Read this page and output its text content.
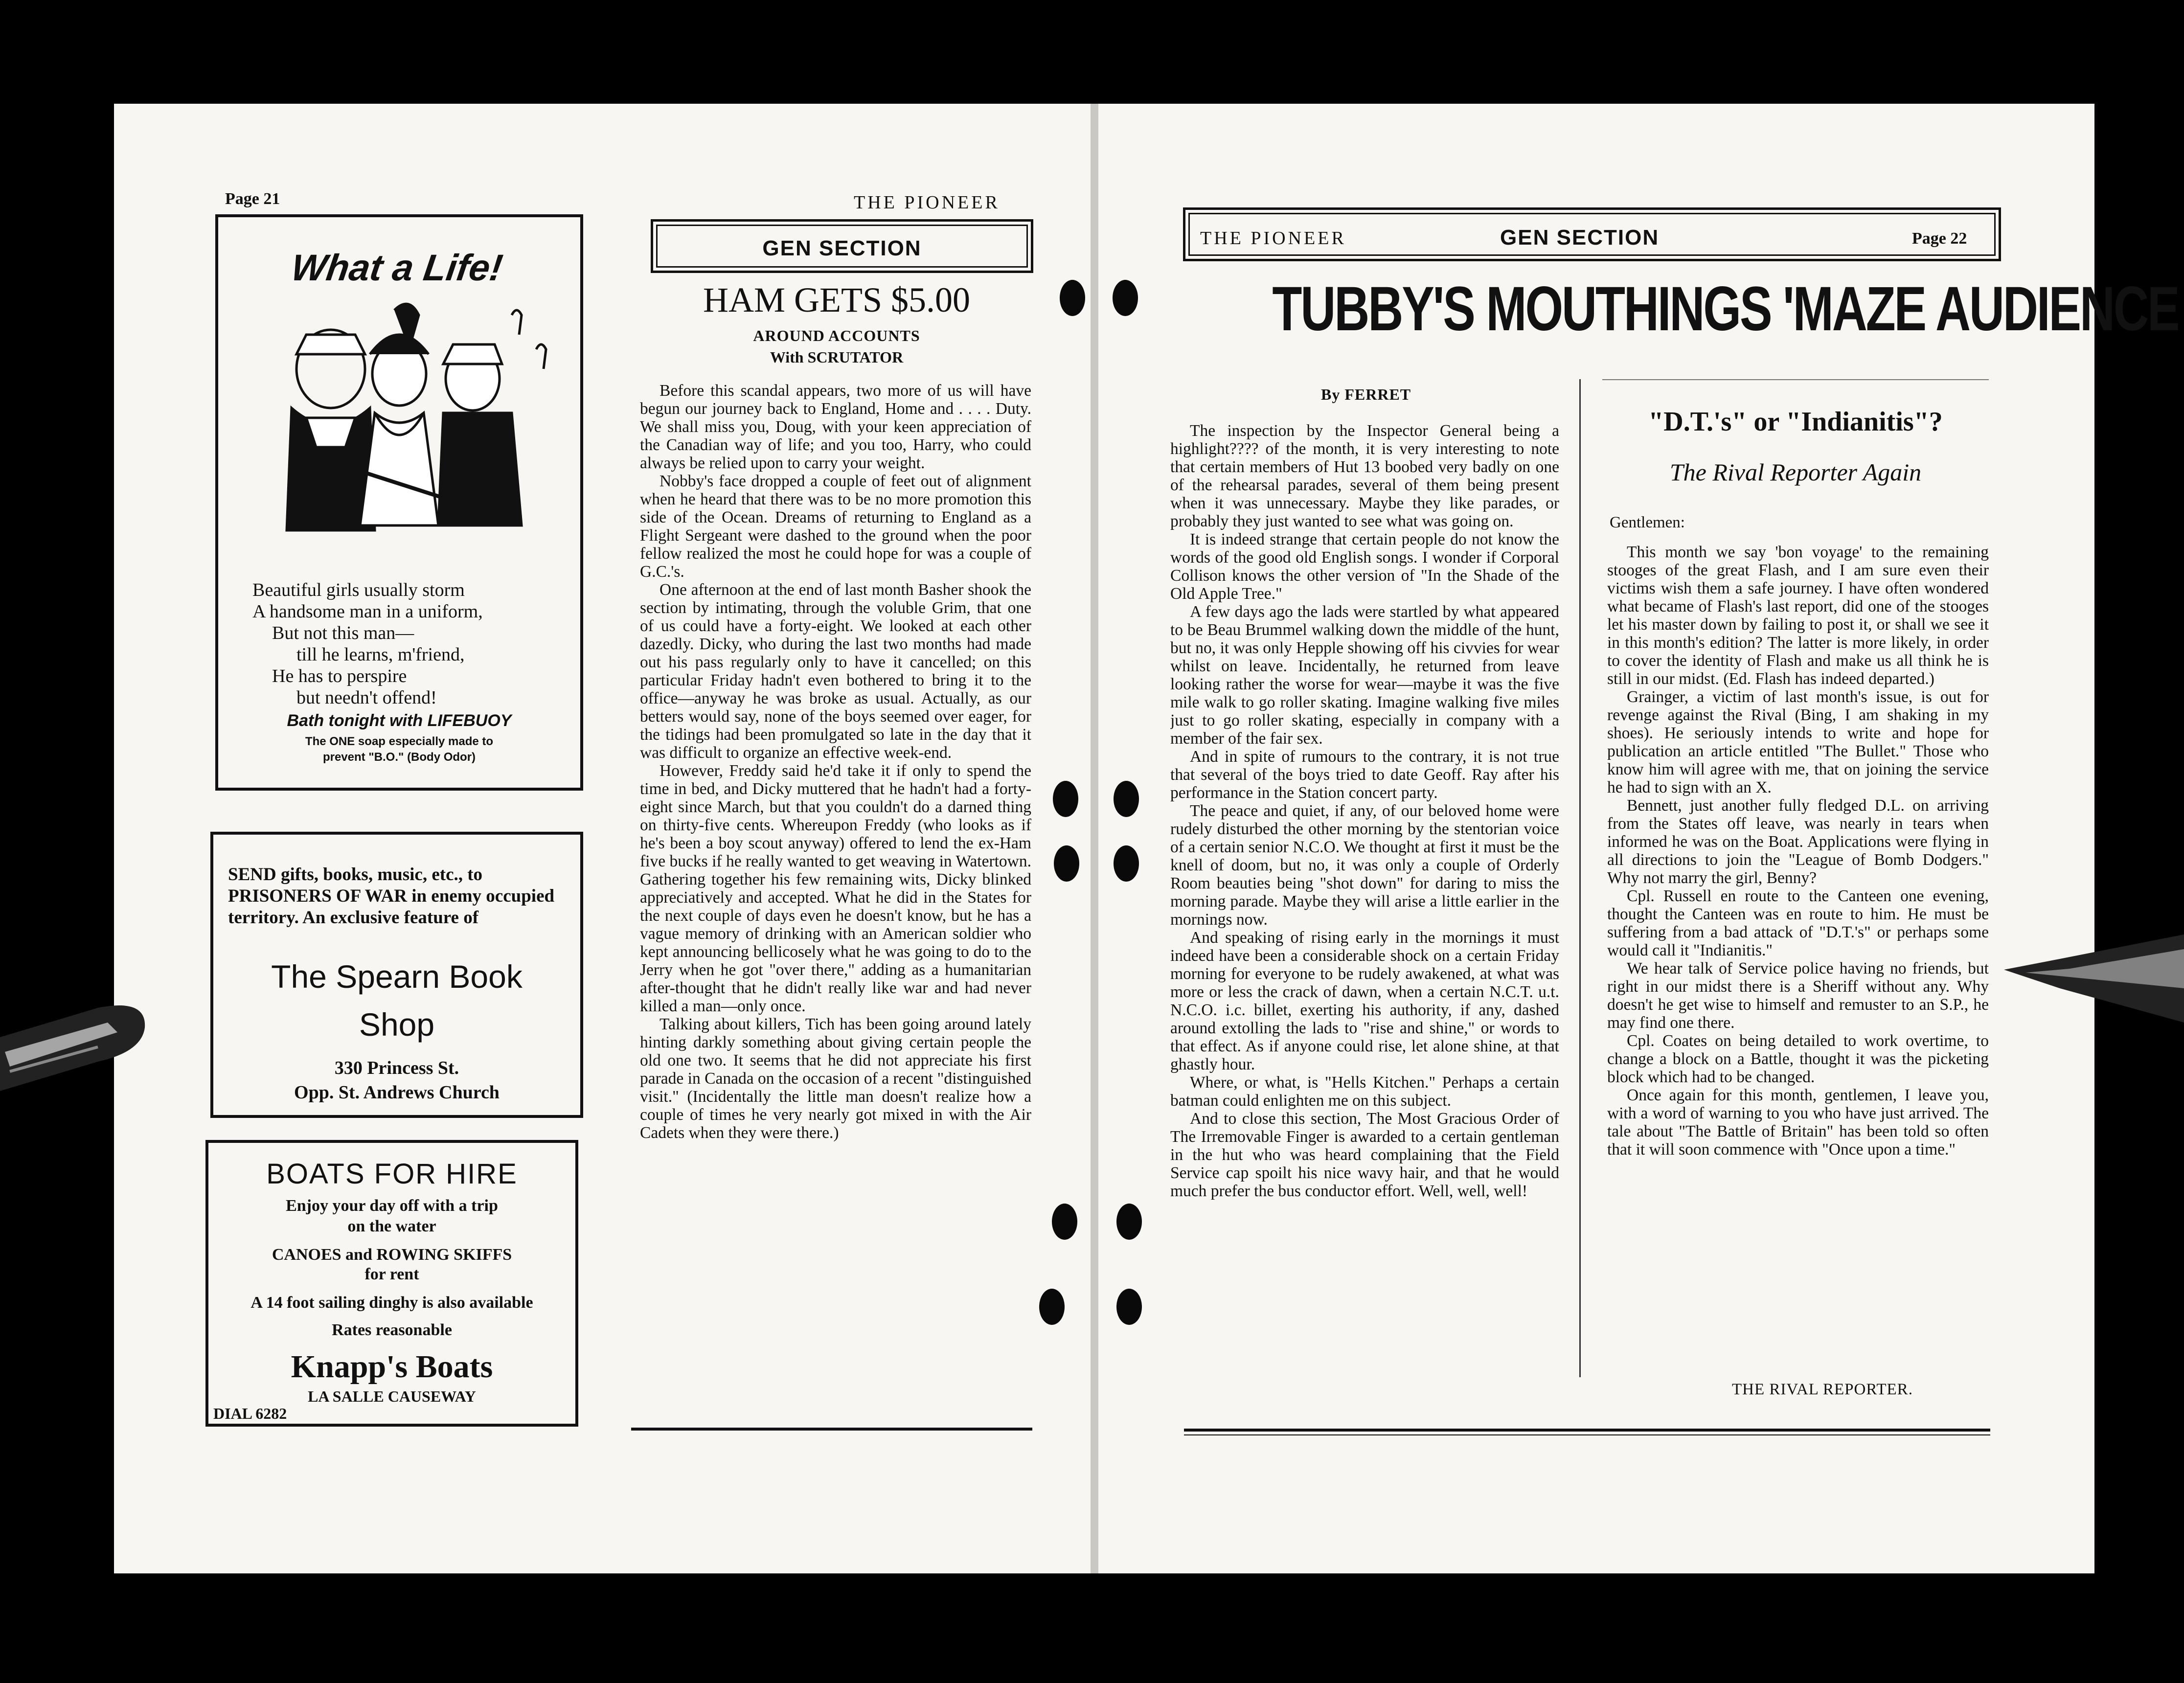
Page 21	THE PIONEER
What a Life!
Beautiful girls usually storm
A handsome man in a uniform,
But not this man—
till he learns, m'friend,
He has to perspire
but needn't offend!
Bath tonight with LIFEBUOY
The ONE soap especially made to
prevent "B.O." (Body Odor)
SEND gifts, books, music, etc., to PRISONERS OF WAR in enemy occupied territory. An exclusive feature of
The Spearn Book
Shop
330 Princess St.
Opp. St. Andrews Church
BOATS FOR HIRE
Enjoy your day off with a trip
on the water
CANOES and ROWING SKIFFS
for rent
A 14 foot sailing dinghy is also available
Rates reasonable
Knapp's Boats
LA SALLE CAUSEWAY
DIAL 6282
GEN SECTION
HAM GETS $5.00
AROUND ACCOUNTS
With SCRUTATOR

Before this scandal appears, two more of us will have begun our journey back to England, Home and . . . . Duty. We shall miss you, Doug, with your keen appreciation of the Canadian way of life; and you too, Harry, who could always be relied upon to carry your weight.

Nobby's face dropped a couple of feet out of alignment when he heard that there was to be no more promotion this side of the Ocean. Dreams of returning to England as a Flight Sergeant were dashed to the ground when the poor fellow realized the most he could hope for was a couple of G.C.'s.

One afternoon at the end of last month Basher shook the section by intimating, through the voluble Grim, that one of us could have a forty-eight. We looked at each other dazedly. Dicky, who during the last two months had made out his pass regularly only to have it cancelled; on this particular Friday hadn't even bothered to bring it to the office—anyway he was broke as usual. Actually, as our betters would say, none of the boys seemed over eager, for the tidings had been promulgated so late in the day that it was difficult to organize an effective week-end.

However, Freddy said he'd take it if only to spend the time in bed, and Dicky muttered that he hadn't had a forty-eight since March, but that you couldn't do a darned thing on thirty-five cents. Whereupon Freddy (who looks as if he's been a boy scout anyway) offered to lend the ex-Ham five bucks if he really wanted to get weaving in Watertown. Gathering together his few remaining wits, Dicky blinked appreciatively and accepted. What he did in the States for the next couple of days even he doesn't know, but he has a vague memory of drinking with an American soldier who kept announcing bellicosely what he was going to do to the Jerry when he got "over there," adding as a humanitarian after-thought that he didn't really like war and had never killed a man—only once.

Talking about killers, Tich has been going around lately hinting darkly something about giving certain people the old one two. It seems that he did not appreciate his first parade in Canada on the occasion of a recent "distinguished visit." (Incidentally the little man doesn't realize how a couple of times he very nearly got mixed in with the Air Cadets when they were there.)

THE PIONEER	GEN SECTION	Page 22
TUBBY'S MOUTHINGS 'MAZE AUDIENCE
By FERRET

The inspection by the Inspector General being a highlight???? of the month, it is very interesting to note that certain members of Hut 13 boobed very badly on one of the rehearsal parades, several of them being present when it was unnecessary. Maybe they like parades, or probably they just wanted to see what was going on.

It is indeed strange that certain people do not know the words of the good old English songs. I wonder if Corporal Collison knows the other version of "In the Shade of the Old Apple Tree."

A few days ago the lads were startled by what appeared to be Beau Brummel walking down the middle of the hunt, but no, it was only Hepple showing off his civvies for wear whilst on leave. Incidentally, he returned from leave looking rather the worse for wear—maybe it was the five mile walk to go roller skating. Imagine walking five miles just to go roller skating, especially in company with a member of the fair sex.

And in spite of rumours to the contrary, it is not true that several of the boys tried to date Geoff. Ray after his performance in the Station concert party.

The peace and quiet, if any, of our beloved home were rudely disturbed the other morning by the stentorian voice of a certain senior N.C.O. We thought at first it must be the knell of doom, but no, it was only a couple of Orderly Room beauties being "shot down" for daring to miss the morning parade. Maybe they will arise a little earlier in the mornings now.

And speaking of rising early in the mornings it must indeed have been a considerable shock on a certain Friday morning for everyone to be rudely awakened, at what was more or less the crack of dawn, when a certain N.C.T. u.t. N.C.O. i.c. billet, exerting his authority, if any, dashed around extolling the lads to "rise and shine," or words to that effect. As if anyone could rise, let alone shine, at that ghastly hour.

Where, or what, is "Hells Kitchen." Perhaps a certain batman could enlighten me on this subject.

And to close this section, The Most Gracious Order of The Irremovable Finger is awarded to a certain gentleman in the hut who was heard complaining that the Field Service cap spoilt his nice wavy hair, and that he would much prefer the bus conductor effort. Well, well, well!

"D.T.'s" or "Indianitis"?
The Rival Reporter Again
Gentlemen:

This month we say 'bon voyage' to the remaining stooges of the great Flash, and I am sure even their victims wish them a safe journey. I have often wondered what became of Flash's last report, did one of the stooges let his master down by failing to post it, or shall we see it in this month's edition? The latter is more likely, in order to cover the identity of Flash and make us all think he is still in our midst. (Ed. Flash has indeed departed.)

Grainger, a victim of last month's issue, is out for revenge against the Rival (Bing, I am shaking in my shoes). He seriously intends to write and hope for publication an article entitled "The Bullet." Those who know him will agree with me, that on joining the service he had to sign with an X.

Bennett, just another fully fledged D.L. on arriving from the States off leave, was nearly in tears when informed he was on the Boat. Applications were flying in all directions to join the "League of Bomb Dodgers." Why not marry the girl, Benny?

Cpl. Russell en route to the Canteen one evening, thought the Canteen was en route to him. He must be suffering from a bad attack of "D.T.'s" or perhaps some would call it "Indianitis."

We hear talk of Service police having no friends, but right in our midst there is a Sheriff without any. Why doesn't he get wise to himself and remuster to an S.P., he may find one there.

Cpl. Coates on being detailed to work overtime, to change a block on a Battle, thought it was the picketing block which had to be changed.

Once again for this month, gentlemen, I leave you, with a word of warning to you who have just arrived. The tale about "The Battle of Britain" has been told so often that it will soon commence with "Once upon a time."

THE RIVAL REPORTER.
